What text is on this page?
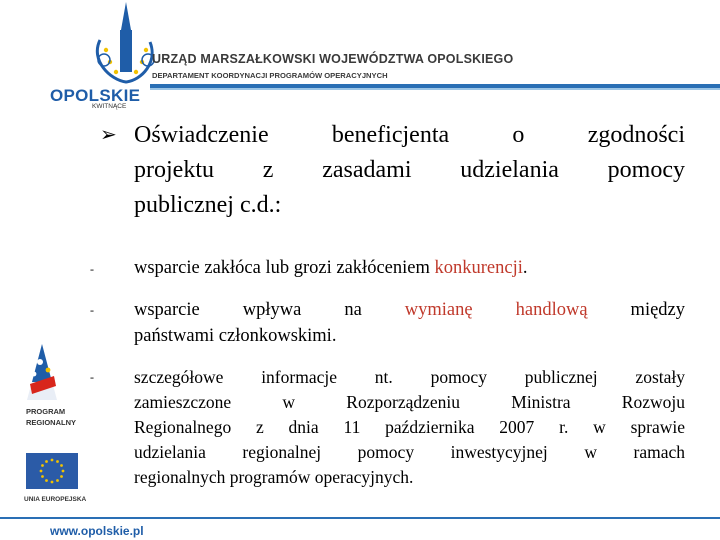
OPOLSKIE
KWITNĄCE
URZĄD MARSZAŁKOWSKI WOJEWÓDZTWA OPOLSKIEGO
DEPARTAMENT KOORDYNACJI PROGRAMÓW OPERACYJNYCH
➢ Oświadczenie beneficjenta o zgodności
projektu z zasadami udzielania pomocy
publicznej c.d.:
- wsparcie zakłóca lub grozi zakłóceniem konkurencji.
- wsparcie wpływa na wymianę handlową między
państwami członkowskimi.
- szczegółowe informacje nt. pomocy publicznej zostały
zamieszczone w Rozporządzeniu Ministra Rozwoju
Regionalnego z dnia 11 października 2007 r. w sprawie
udzielania regionalnej pomocy inwestycyjnej w ramach
regionalnych programów operacyjnych.
PROGRAM
REGIONALNY
UNIA EUROPEJSKA
www.opolskie.pl
